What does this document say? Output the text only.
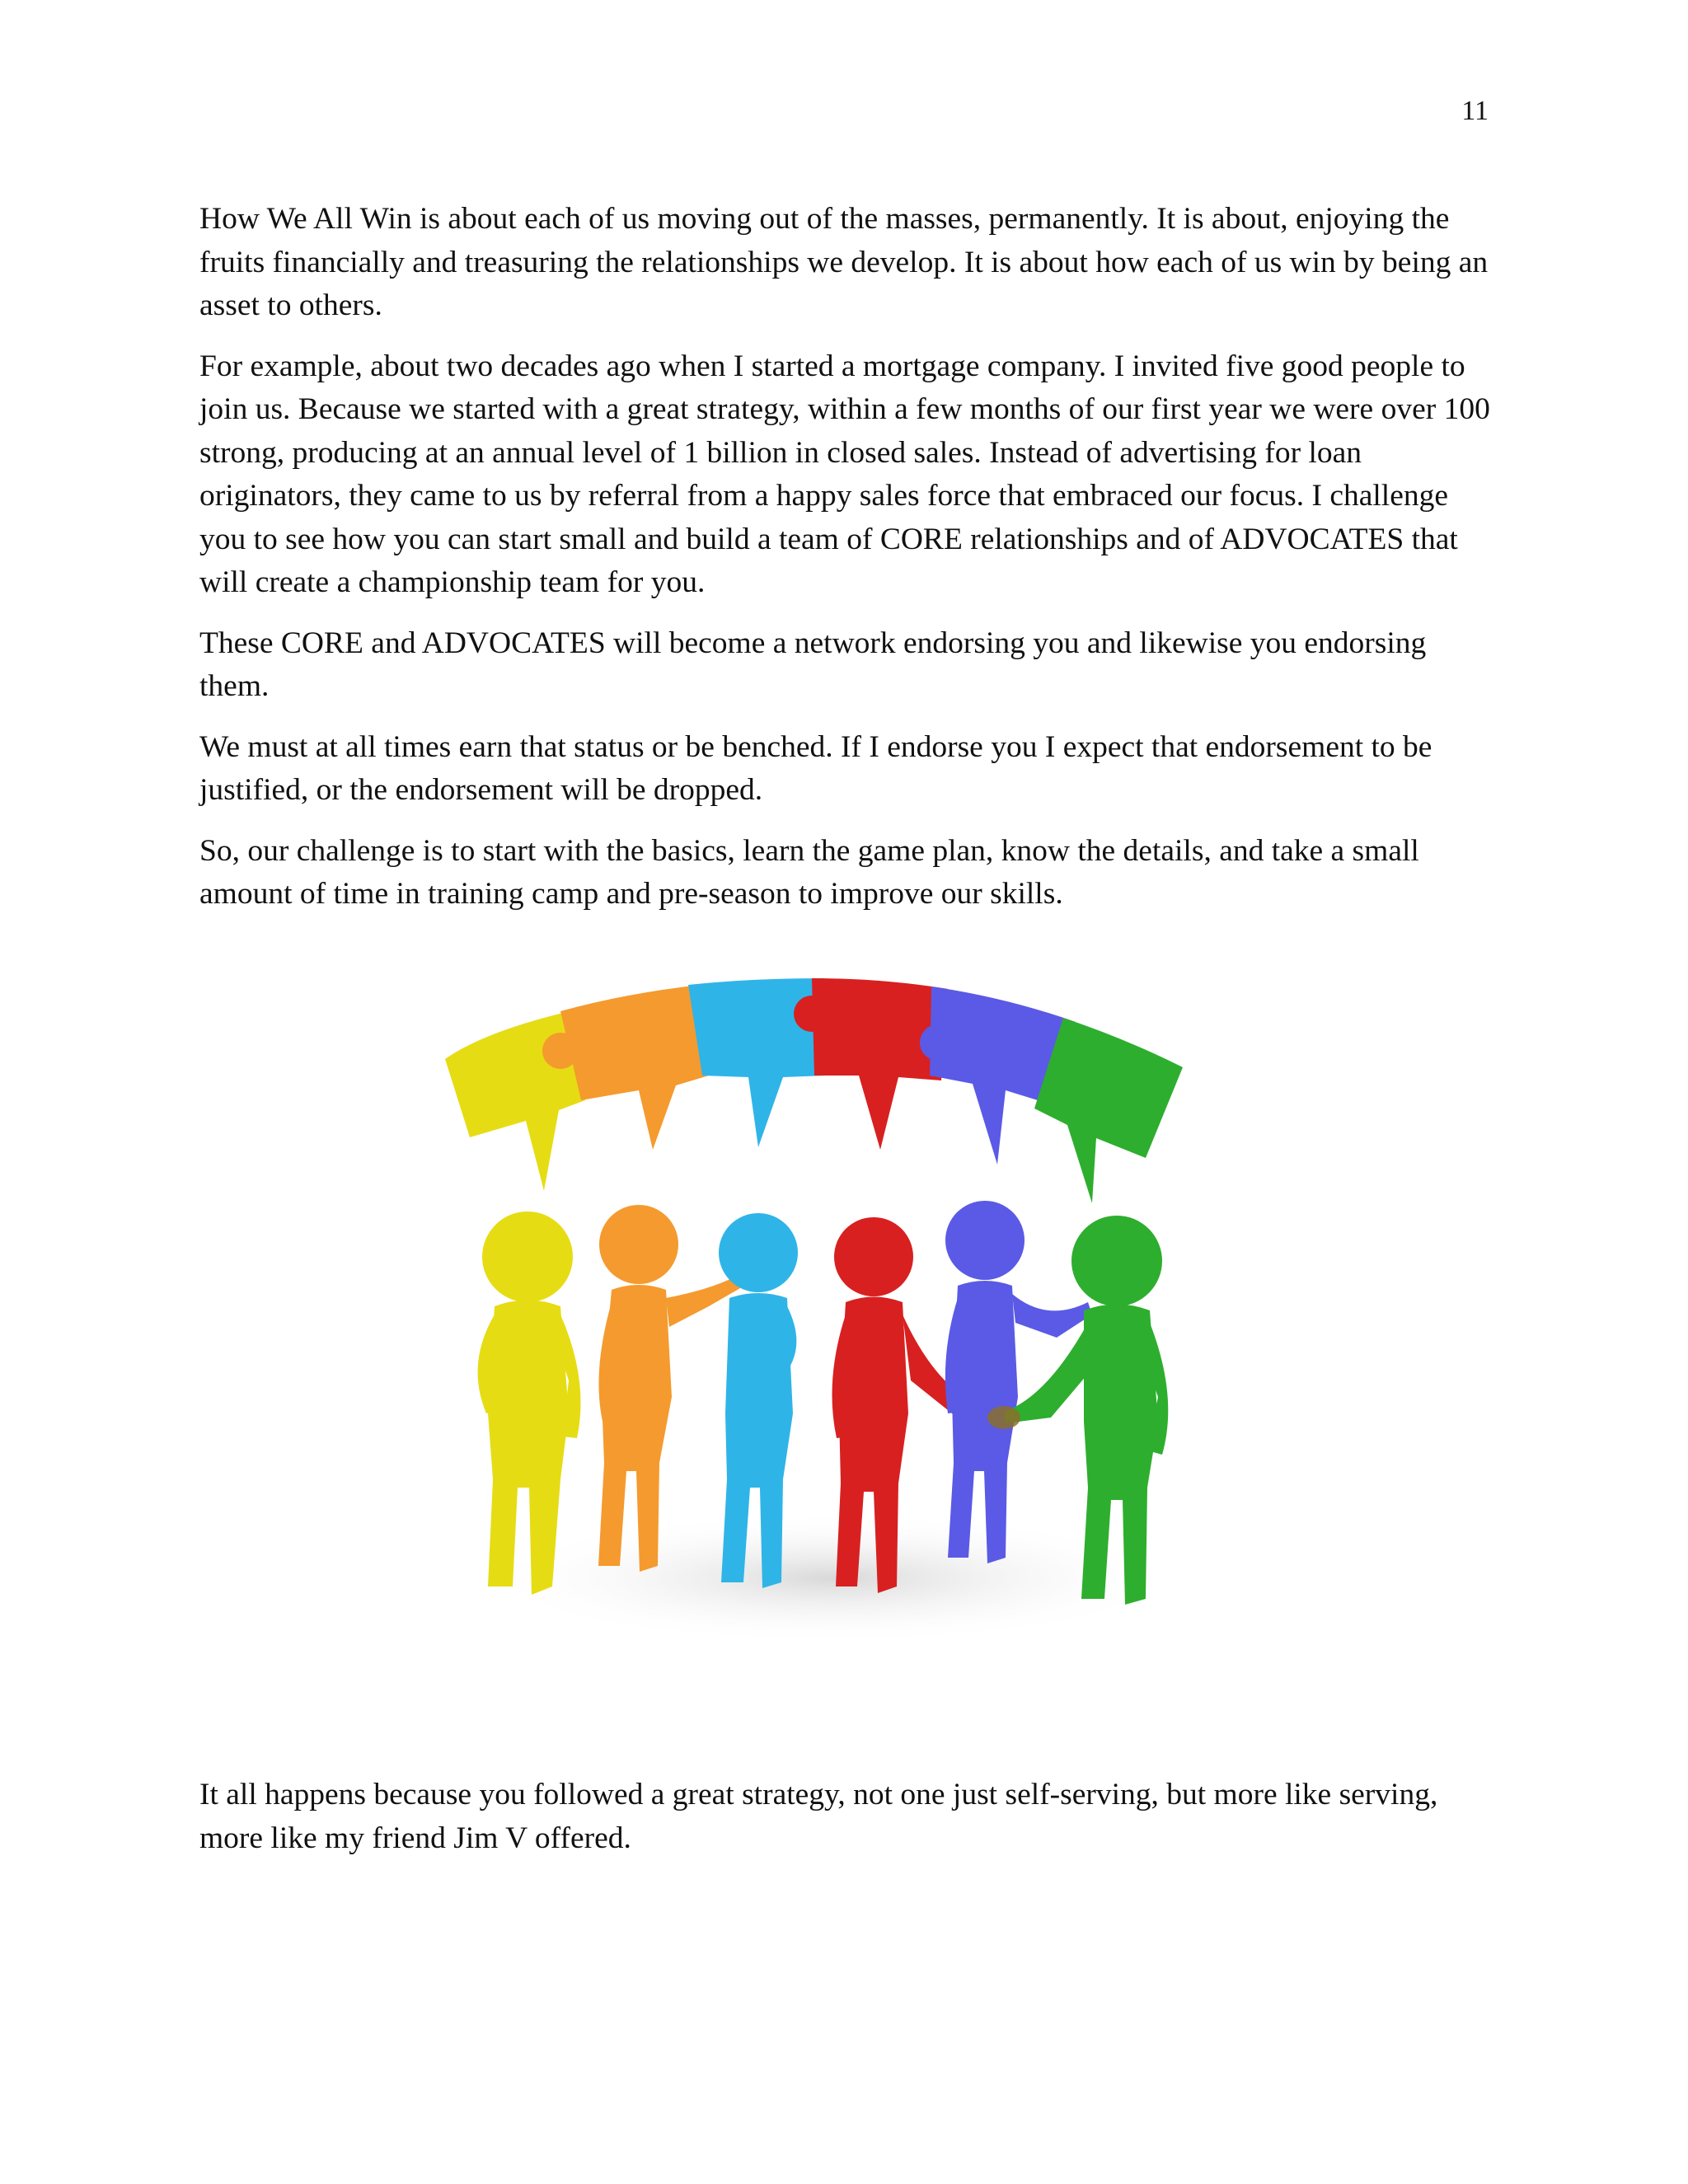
11

How We All Win is about each of us moving out of the masses, permanently. It is about, enjoying the fruits financially and treasuring the relationships we develop. It is about how each of us win by being an asset to others.

For example, about two decades ago when I started a mortgage company. I invited five good people to join us. Because we started with a great strategy, within a few months of our first year we were over 100 strong, producing at an annual level of 1 billion in closed sales. Instead of advertising for loan originators, they came to us by referral from a happy sales force that embraced our focus. I challenge you to see how you can start small and build a team of CORE relationships and of ADVOCATES that will create a championship team for you.

These CORE and ADVOCATES will become a network endorsing you and likewise you endorsing them.

We must at all times earn that status or be benched. If I endorse you I expect that endorsement to be justified, or the endorsement will be dropped.

So, our challenge is to start with the basics, learn the game plan, know the details, and take a small amount of time in training camp and pre-season to improve our skills.

It all happens because you followed a great strategy, not one just self-serving, but more like serving, more like my friend Jim V offered.
